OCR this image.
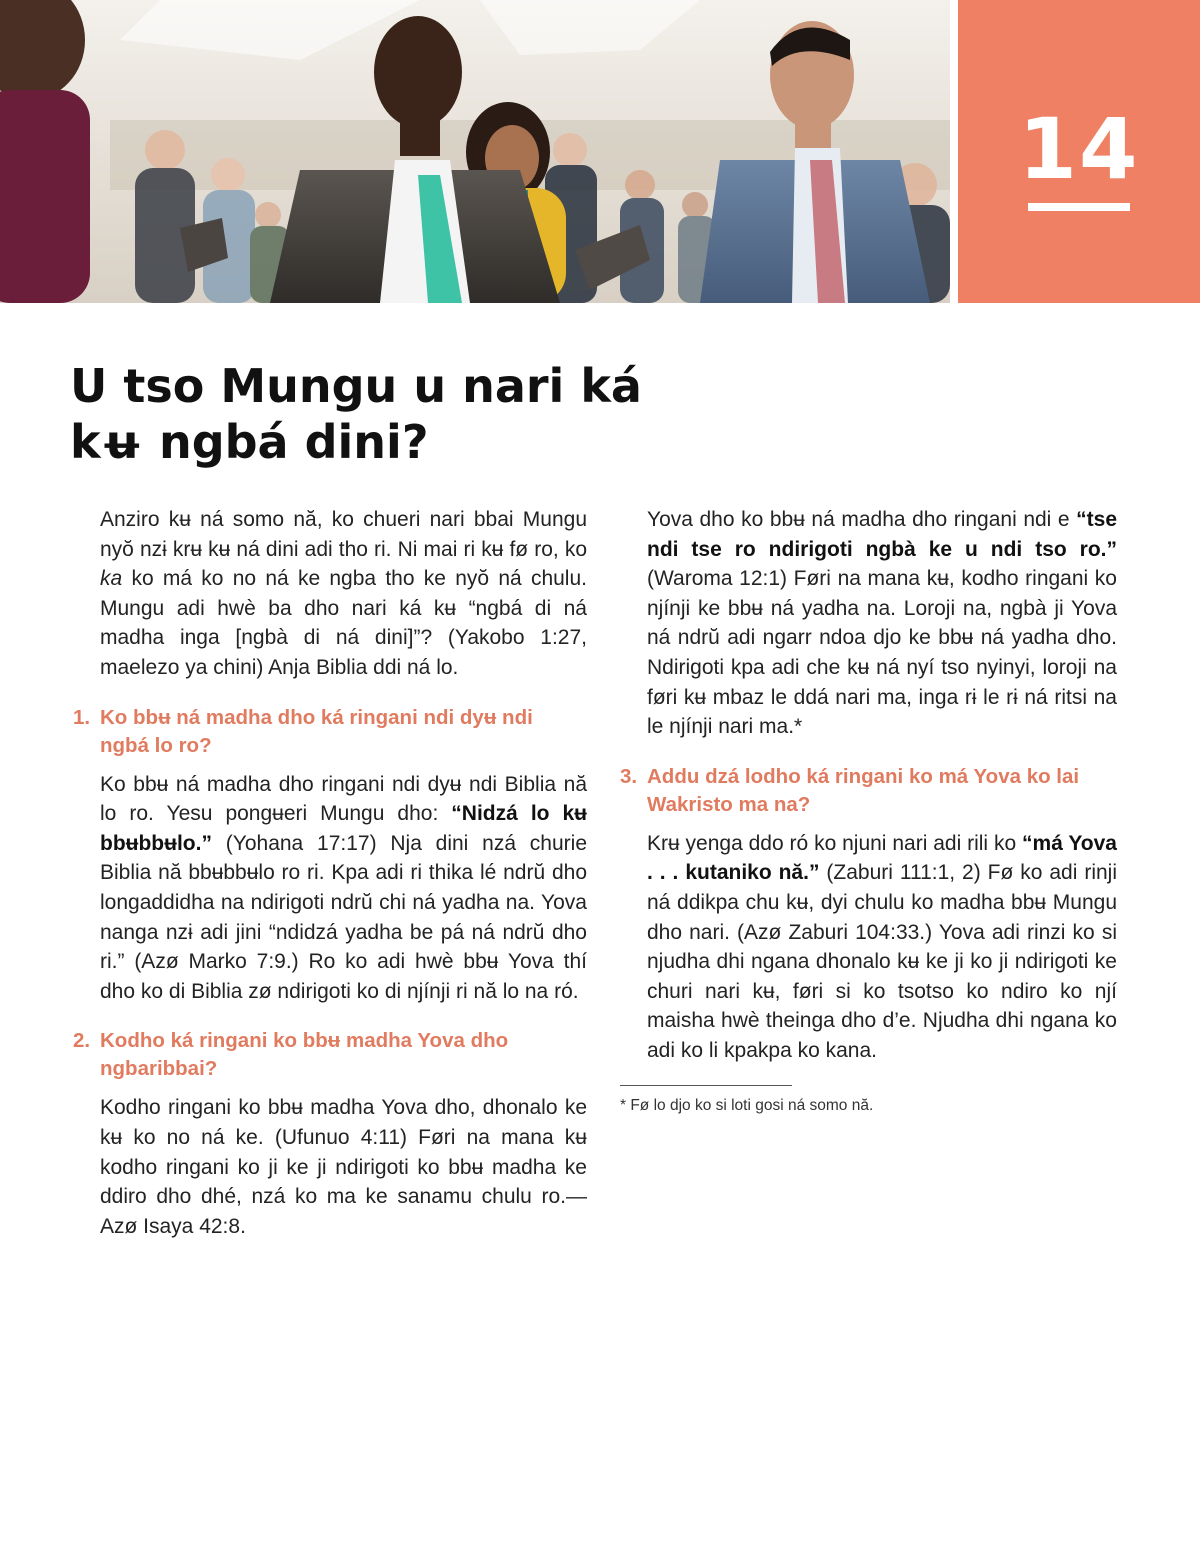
14
U tso Mungu u nari ká kʉ ngbá dini?

Anziro kʉ ná somo nă, ko chueri nari bbai Mungu nyŏ nzɨ krʉ kʉ ná dini adi tho ri. Ni mai ri kʉ fø ro, ko ka ko má ko no ná ke ngba tho ke nyŏ ná chulu. Mungu adi hwè ba dho nari ká kʉ “ngbá di ná madha inga [ngbà di ná dini]”? (Yakobo 1:27, maelezo ya chini) Anja Biblia ddi ná lo.

1. Ko bbʉ ná madha dho ká ringani ndi dyʉ ndi ngbá lo ro?

Ko bbʉ ná madha dho ringani ndi dyʉ ndi Biblia nă lo ro. Yesu pongʉeri Mungu dho: “Nidzá lo kʉ bbʉbbʉlo.” (Yohana 17:17) Nja dini nzá churie Biblia nă bbʉbbʉlo ro ri. Kpa adi ri thika lé ndrŭ dho longaddidha na ndirigoti ndrŭ chi ná yadha na. Yova nanga nzɨ adi jini “ndidzá yadha be pá ná ndrŭ dho ri.” (Azø Marko 7:9.) Ro ko adi hwè bbʉ Yova thí dho ko di Biblia zø ndirigoti ko di njínji ri nă lo na ró.

2. Kodho ká ringani ko bbʉ madha Yova dho ngbaribbai?

Kodho ringani ko bbʉ madha Yova dho, dhonalo ke kʉ ko no ná ke. (Ufunuo 4:11) Føri na mana kʉ kodho ringani ko ji ke ji ndirigoti ko bbʉ madha ke ddiro dho dhé, nzá ko ma ke sanamu chulu ro.—Azø Isaya 42:8.

Yova dho ko bbʉ ná madha dho ringani ndi e “tse ndi tse ro ndirigoti ngbà ke u ndi tso ro.” (Waroma 12:1) Føri na mana kʉ, kodho ringani ko njínji ke bbʉ ná yadha na. Loroji na, ngbà ji Yova ná ndrŭ adi ngarr ndoa djo ke bbʉ ná yadha dho. Ndirigoti kpa adi che kʉ ná nyí tso nyinyi, loroji na føri kʉ mbaz le ddá nari ma, inga rɨ le rɨ ná ritsi na le njínji nari ma.*

3. Addu dzá lodho ká ringani ko má Yova ko lai Wakristo ma na?

Krʉ yenga ddo ró ko njuni nari adi rili ko “má Yova . . . kutaniko nă.” (Zaburi 111:1, 2) Fø ko adi rinji ná ddikpa chu kʉ, dyi chulu ko madha bbʉ Mungu dho nari. (Azø Zaburi 104:33.) Yova adi rinzi ko si njudha dhi ngana dhonalo kʉ ke ji ko ji ndirigoti ke churi nari kʉ, føri si ko tsotso ko ndiro ko njí maisha hwè theinga dho d’e. Njudha dhi ngana ko adi ko li kpakpa ko kana.

* Fø lo djo ko si loti gosi ná somo nă.
